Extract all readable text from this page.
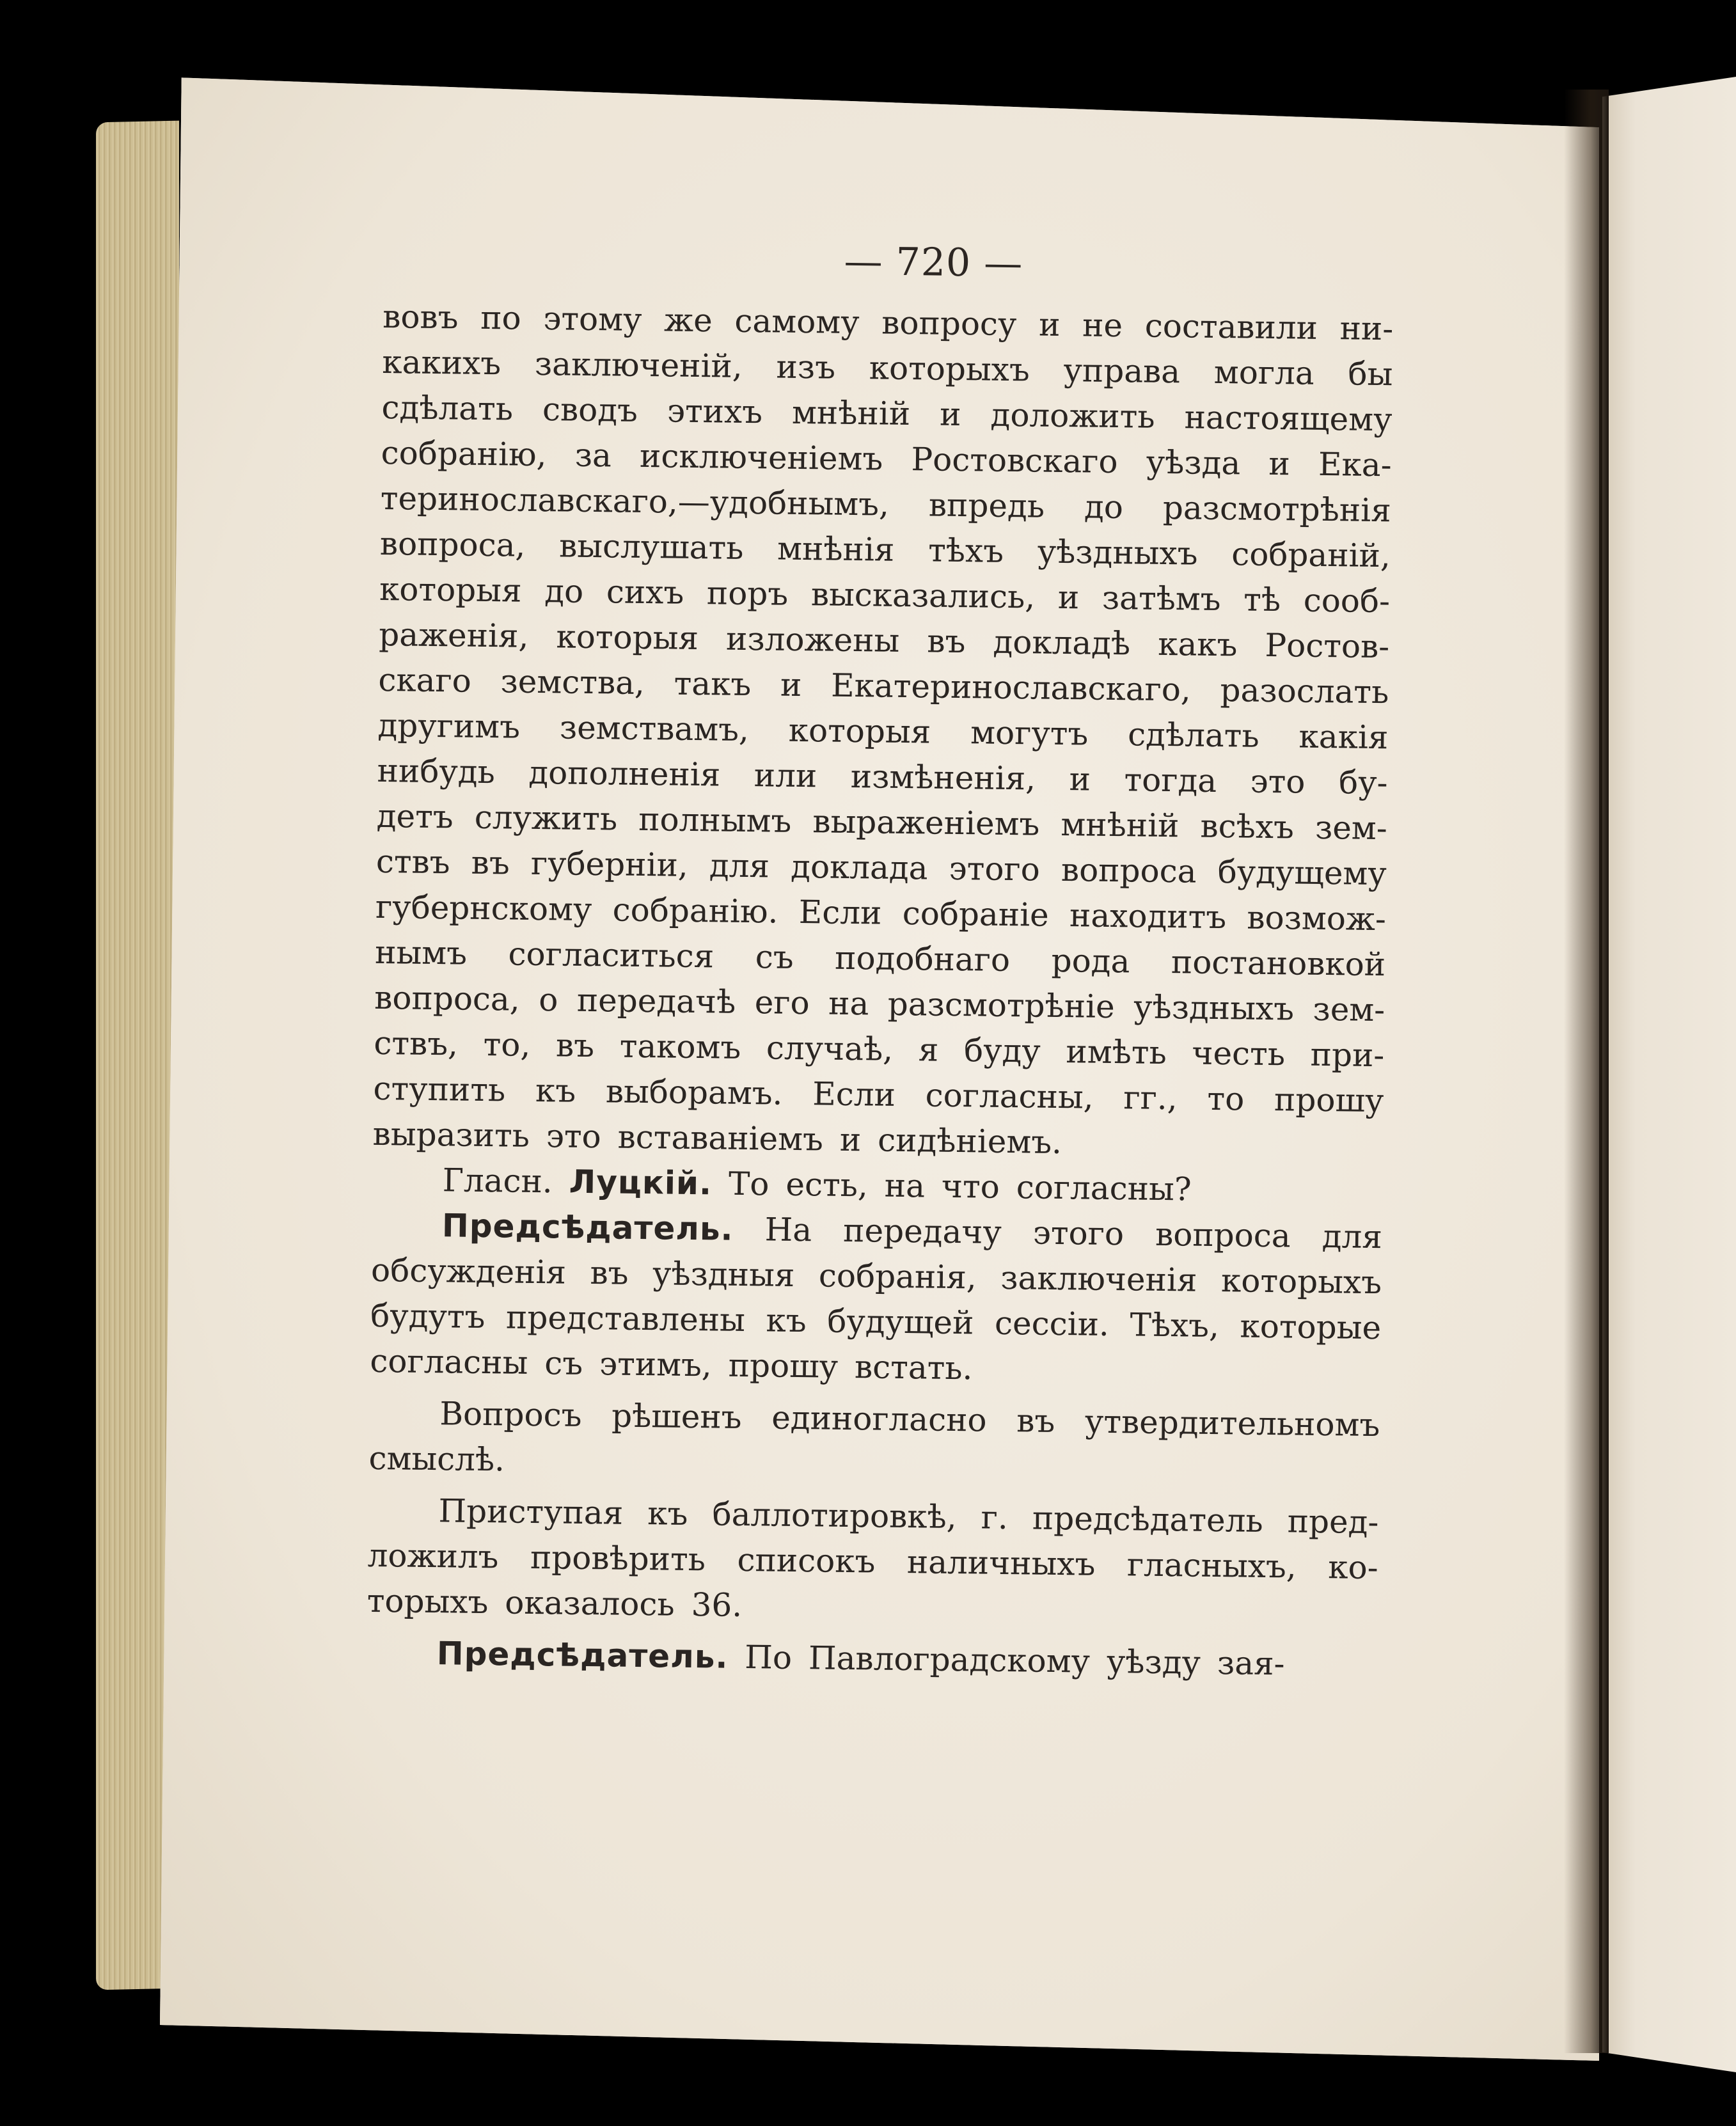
— 720 —
вовъ по этому же самому вопросу и не составили ни-
какихъ заключеній, изъ которыхъ управа могла бы
сдѣлать сводъ этихъ мнѣній и доложить настоящему
собранію, за исключеніемъ Ростовскаго уѣзда и Ека-
теринославскаго,—удобнымъ, впредь до разсмотрѣнія
вопроса, выслушать мнѣнія тѣхъ уѣздныхъ собраній,
которыя до сихъ поръ высказались, и затѣмъ тѣ сооб-
раженія, которыя изложены въ докладѣ какъ Ростов-
скаго земства, такъ и Екатеринославскаго, разослать
другимъ земствамъ, которыя могутъ сдѣлать какія
нибудь дополненія или измѣненія, и тогда это бу-
детъ служить полнымъ выраженіемъ мнѣній всѣхъ зем-
ствъ въ губерніи, для доклада этого вопроса будущему
губернскому собранію. Если собраніе находитъ возмож-
нымъ согласиться съ подобнаго рода постановкой
вопроса, о передачѣ его на разсмотрѣніе уѣздныхъ зем-
ствъ, то, въ такомъ случаѣ, я буду имѣть честь при-
ступить къ выборамъ. Если согласны, гг., то прошу
выразить это вставаніемъ и сидѣніемъ.
Гласн. Луцкій. То есть, на что согласны?
Предсѣдатель. На передачу этого вопроса для
обсужденія въ уѣздныя собранія, заключенія которыхъ
будутъ представлены къ будущей сессіи. Тѣхъ, которые
согласны съ этимъ, прошу встать.
Вопросъ рѣшенъ единогласно въ утвердительномъ
смыслѣ.
Приступая къ баллотировкѣ, г. предсѣдатель пред-
ложилъ провѣрить списокъ наличныхъ гласныхъ, ко-
торыхъ оказалось 36.
Предсѣдатель. По Павлоградскому уѣзду зая-
